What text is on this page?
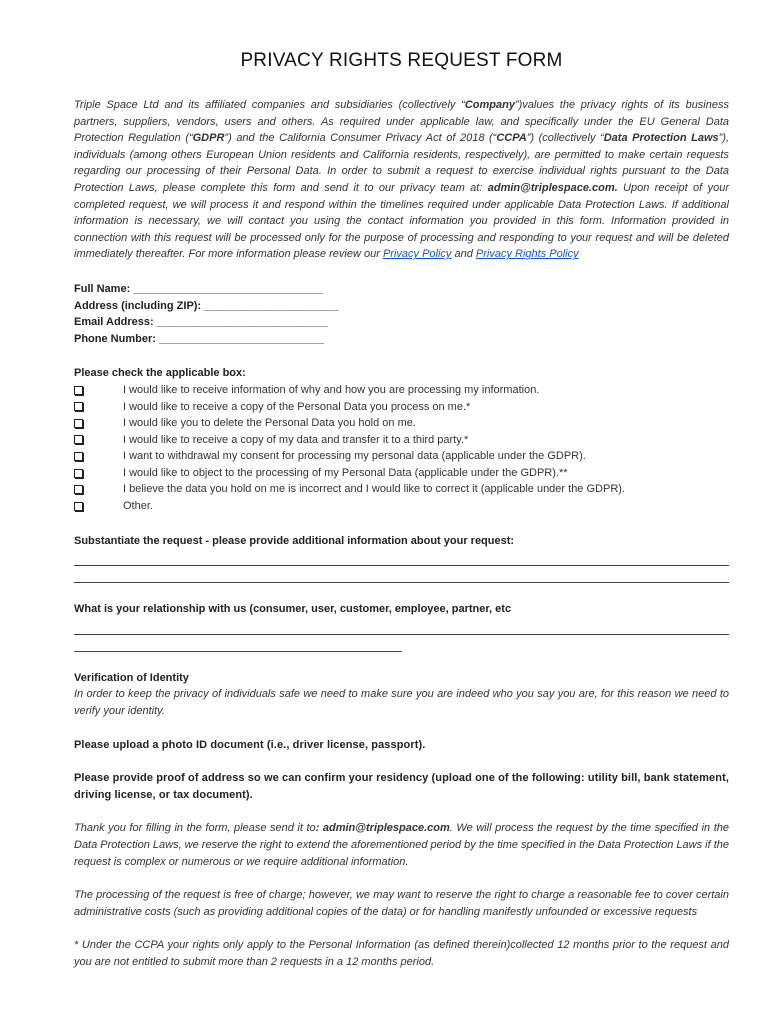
PRIVACY RIGHTS REQUEST FORM
Triple Space Ltd and its affiliated companies and subsidiaries (collectively “Company”)values the privacy rights of its business partners, suppliers, vendors, users and others. As required under applicable law, and specifically under the EU General Data Protection Regulation (“GDPR”) and the California Consumer Privacy Act of 2018 (“CCPA”) (collectively “Data Protection Laws”), individuals (among others European Union residents and California residents, respectively), are permitted to make certain requests regarding our processing of their Personal Data. In order to submit a request to exercise individual rights pursuant to the Data Protection Laws, please complete this form and send it to our privacy team at: admin@triplespace.com. Upon receipt of your completed request, we will process it and respond within the timelines required under applicable Data Protection Laws. If additional information is necessary, we will contact you using the contact information you provided in this form. Information provided in connection with this request will be processed only for the purpose of processing and responding to your request and will be deleted immediately thereafter. For more information please review our Privacy Policy and Privacy Rights Policy
Full Name: _______________________________
Address (including ZIP): ______________________
Email Address: ____________________________
Phone Number: ___________________________
Please check the applicable box:
I would like to receive information of why and how you are processing my information.
I would like to receive a copy of the Personal Data you process on me.*
I would like you to delete the Personal Data you hold on me.
I would like to receive a copy of my data and transfer it to a third party.*
I want to withdrawal my consent for processing my personal data (applicable under the GDPR).
I would like to object to the processing of my Personal Data (applicable under the GDPR).**
I believe the data you hold on me is incorrect and I would like to correct it (applicable under the GDPR).
Other.
Substantiate the request - please provide additional information about your request:
What is your relationship with us (consumer, user, customer, employee, partner, etc
Verification of Identity
In order to keep the privacy of individuals safe we need to make sure you are indeed who you say you are, for this reason we need to verify your identity.
Please upload a photo ID document (i.e., driver license, passport).
Please provide proof of address so we can confirm your residency (upload one of the following: utility bill, bank statement, driving license, or tax document).
Thank you for filling in the form, please send it to: admin@triplespace.com. We will process the request by the time specified in the Data Protection Laws, we reserve the right to extend the aforementioned period by the time specified in the Data Protection Laws if the request is complex or numerous or we require additional information.
The processing of the request is free of charge; however, we may want to reserve the right to charge a reasonable fee to cover certain administrative costs (such as providing additional copies of the data) or for handling manifestly unfounded or excessive requests
* Under the CCPA your rights only apply to the Personal Information (as defined therein)collected 12 months prior to the request and you are not entitled to submit more than 2 requests in a 12 months period.
